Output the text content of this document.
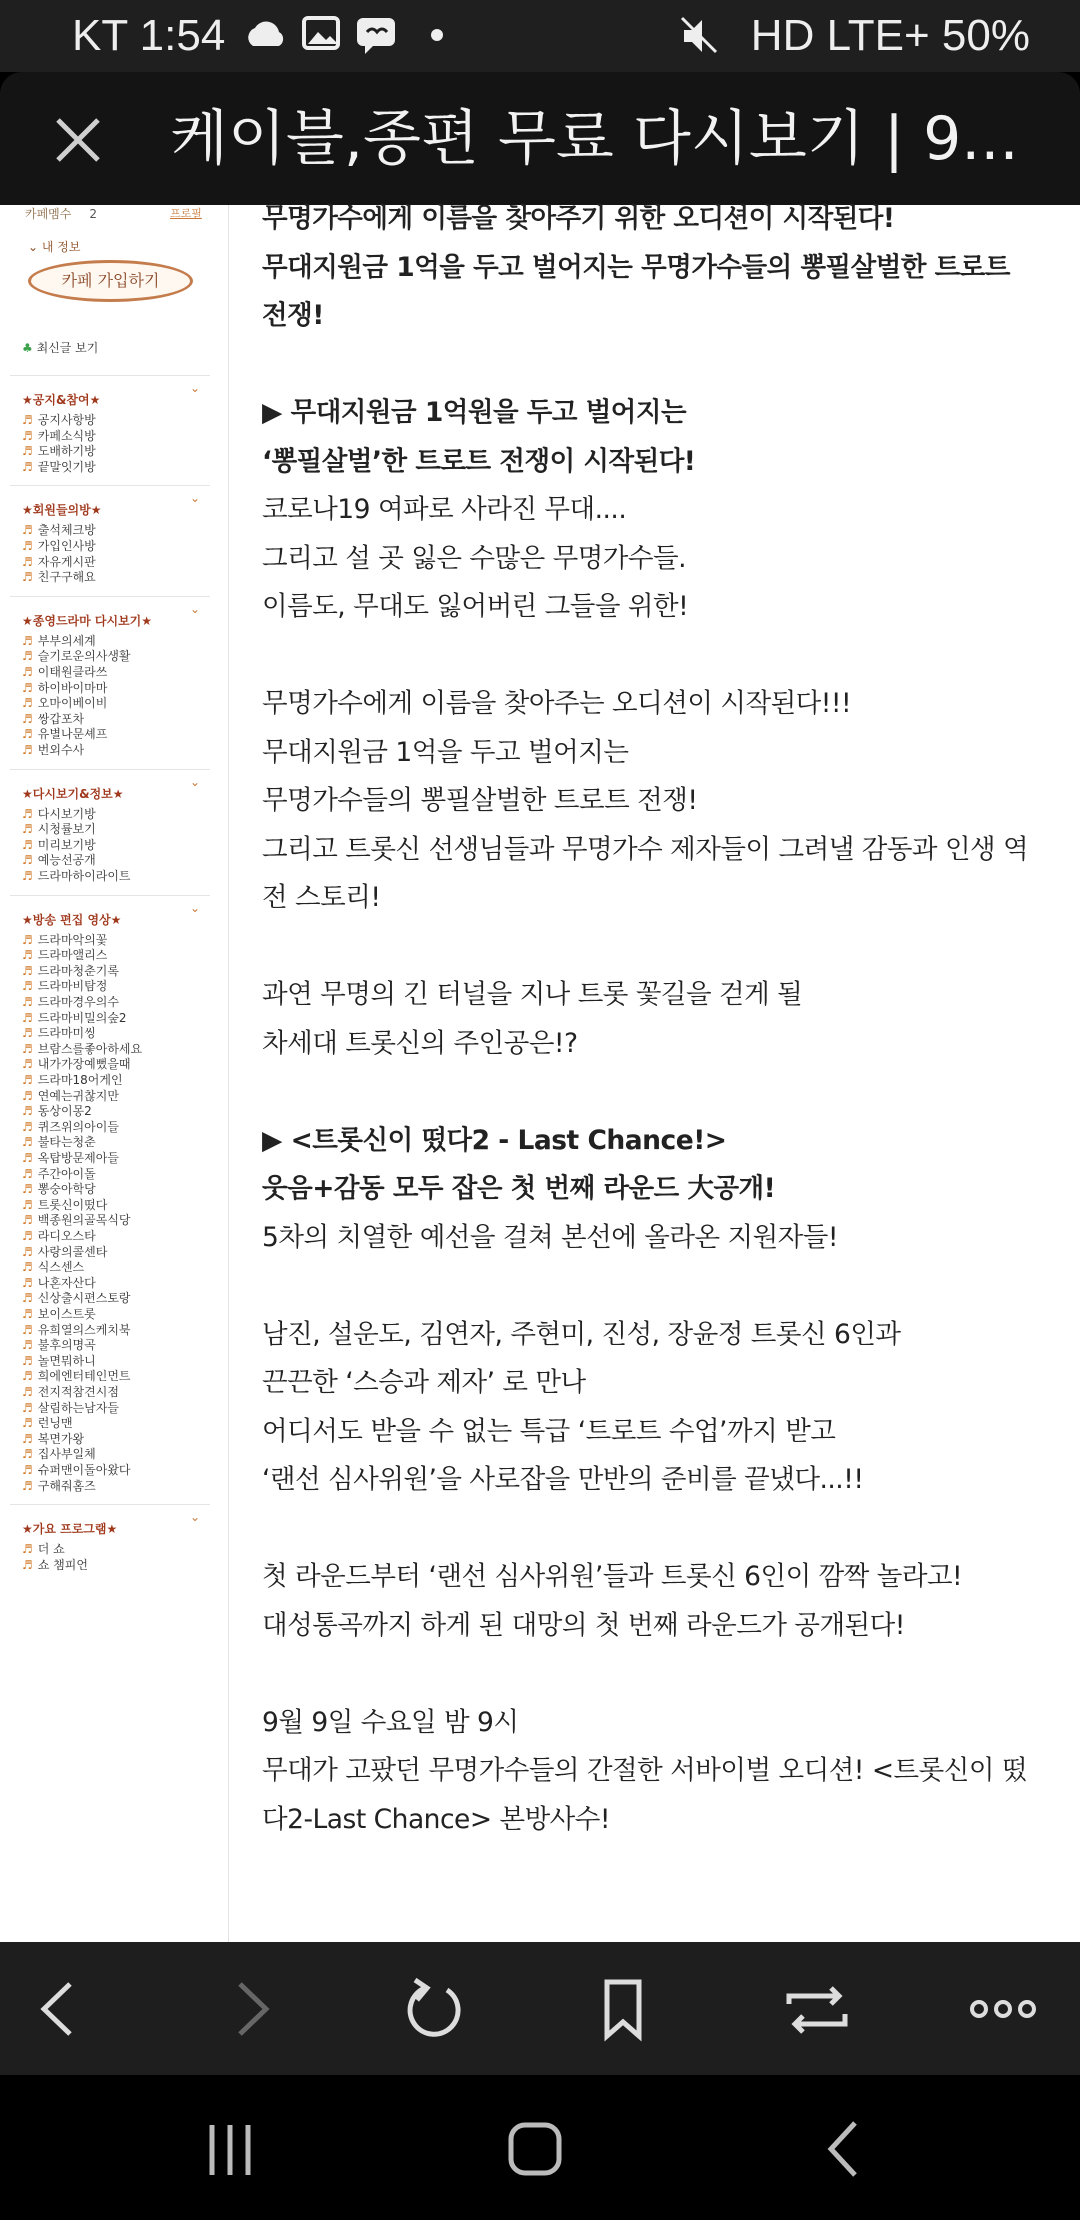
KT 1:54	HD LTE+ 50%
케이블,종편 무료 다시보기 | 9...
카페멤수 2	프로필
⌄ 내 정보
카페 가입하기
♣ 최신글 보기
★공지&참여★
⌄
♬ 공지사항방
♬ 카페소식방
♬ 도배하기방
♬ 끝말잇기방
★회원들의방★
⌄
♬ 출석체크방
♬ 가입인사방
♬ 자유게시판
♬ 친구구해요
★종영드라마 다시보기★
⌄
♬ 부부의세계
♬ 슬기로운의사생활
♬ 이태원클라쓰
♬ 하이바이마마
♬ 오마이베이비
♬ 쌍갑포차
♬ 유별나문셰프
♬ 번외수사
★다시보기&정보★
⌄
♬ 다시보기방
♬ 시청률보기
♬ 미리보기방
♬ 예능선공개
♬ 드라마하이라이트
★방송 편집 영상★
⌄
♬ 드라마악의꽃
♬ 드라마앨리스
♬ 드라마청춘기록
♬ 드라마비탐정
♬ 드라마경우의수
♬ 드라마비밀의숲2
♬ 드라마미씽
♬ 브람스를좋아하세요
♬ 내가가장예뻤을때
♬ 드라마18어게인
♬ 연예는귀찮지만
♬ 동상이몽2
♬ 퀴즈위의아이들
♬ 불타는청춘
♬ 옥탑방문제아들
♬ 주간아이돌
♬ 뽕숭아학당
♬ 트롯신이떴다
♬ 백종원의골목식당
♬ 라디오스타
♬ 사랑의콜센타
♬ 식스센스
♬ 나혼자산다
♬ 신상출시편스토랑
♬ 보이스트롯
♬ 유희열의스케치북
♬ 불후의명곡
♬ 놀면뭐하니
♬ 희에엔터테인먼트
♬ 전지적참견시점
♬ 살림하는남자들
♬ 런닝맨
♬ 복면가왕
♬ 집사부일체
♬ 슈퍼맨이돌아왔다
♬ 구해줘홈즈
★가요 프로그램★
⌄
♬ 더 쇼
♬ 쇼 챔피언

무명가수에게 이름을 찾아주기 위한 오디션이 시작된다!

무대지원금 1억을 두고 벌어지는 무명가수들의 뽕필살벌한 트로트

전쟁!

▶ 무대지원금 1억원을 두고 벌어지는

‘뽕필살벌’한 트로트 전쟁이 시작된다!

코로나19 여파로 사라진 무대....

그리고 설 곳 잃은 수많은 무명가수들.

이름도, 무대도 잃어버린 그들을 위한!

무명가수에게 이름을 찾아주는 오디션이 시작된다!!!

무대지원금 1억을 두고 벌어지는

무명가수들의 뽕필살벌한 트로트 전쟁!

그리고 트롯신 선생님들과 무명가수 제자들이 그려낼 감동과 인생 역

전 스토리!

과연 무명의 긴 터널을 지나 트롯 꽃길을 걷게 될

차세대 트롯신의 주인공은!?

▶ <트롯신이 떴다2 - Last Chance!>

웃음+감동 모두 잡은 첫 번째 라운드 大공개!

5차의 치열한 예선을 걸쳐 본선에 올라온 지원자들!

남진, 설운도, 김연자, 주현미, 진성, 장윤정 트롯신 6인과

끈끈한 ‘스승과 제자’ 로 만나

어디서도 받을 수 없는 특급 ‘트로트 수업’까지 받고

‘랜선 심사위원’을 사로잡을 만반의 준비를 끝냈다...!!

첫 라운드부터 ‘랜선 심사위원’들과 트롯신 6인이 깜짝 놀라고!

대성통곡까지 하게 된 대망의 첫 번째 라운드가 공개된다!

9월 9일 수요일 밤 9시

무대가 고팠던 무명가수들의 간절한 서바이벌 오디션! <트롯신이 떴

다2-Last Chance> 본방사수!
